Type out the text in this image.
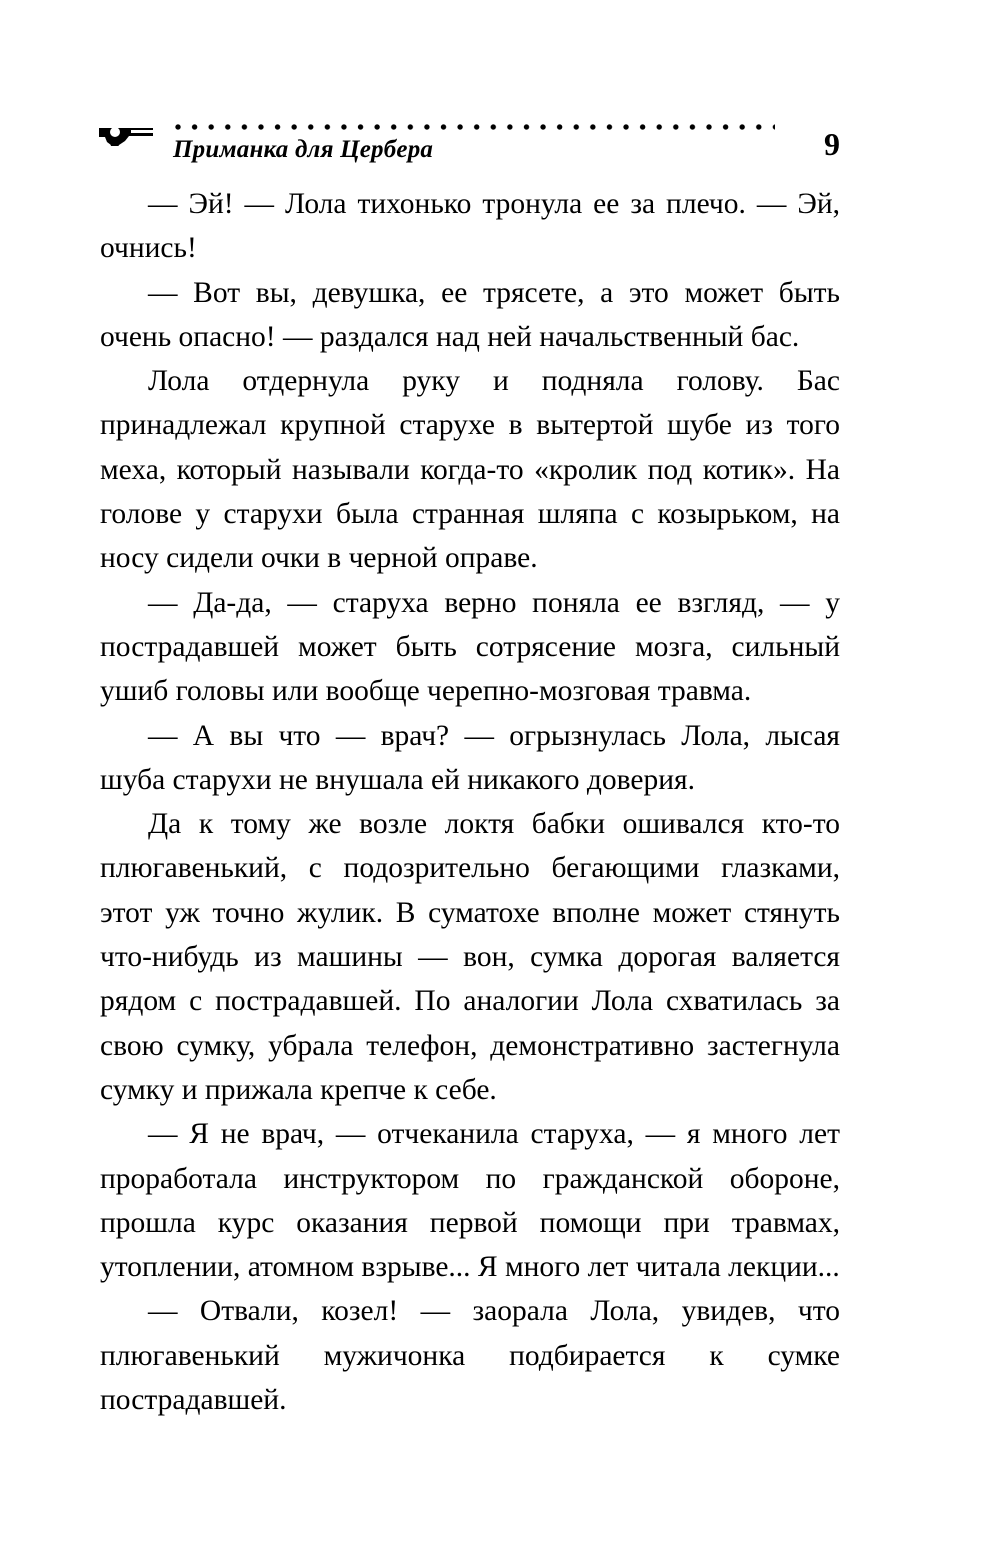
Приманка для Цербера	9

— Эй! — Лола тихонько тронула ее за плечо. — Эй, очнись!

— Вот вы, девушка, ее трясете, а это может быть очень опасно! — раздался над ней начальственный бас.

Лола отдернула руку и подняла голову. Бас принадлежал крупной старухе в вытертой шубе из того меха, который называли когда-то «кролик под котик». На голове у старухи была странная шляпа с козырьком, на носу сидели очки в черной оправе.

— Да-да, — старуха верно поняла ее взгляд, — у пострадавшей может быть сотрясение мозга, сильный ушиб головы или вообще черепно-мозговая травма.

— А вы что — врач? — огрызнулась Лола, лысая шуба старухи не внушала ей никакого доверия.

Да к тому же возле локтя бабки ошивался кто-то плюгавенький, с подозрительно бегающими глазками, этот уж точно жулик. В суматохе вполне может стянуть что-нибудь из машины — вон, сумка дорогая валяется рядом с пострадавшей. По аналогии Лола схватилась за свою сумку, убрала телефон, демонстративно застегнула сумку и прижала крепче к себе.

— Я не врач, — отчеканила старуха, — я много лет проработала инструктором по гражданской обороне, прошла курс оказания первой помощи при травмах, утоплении, атомном взрыве... Я много лет читала лекции...

— Отвали, козел! — заорала Лола, увидев, что плюгавенький мужичонка подбирается к сумке пострадавшей.
